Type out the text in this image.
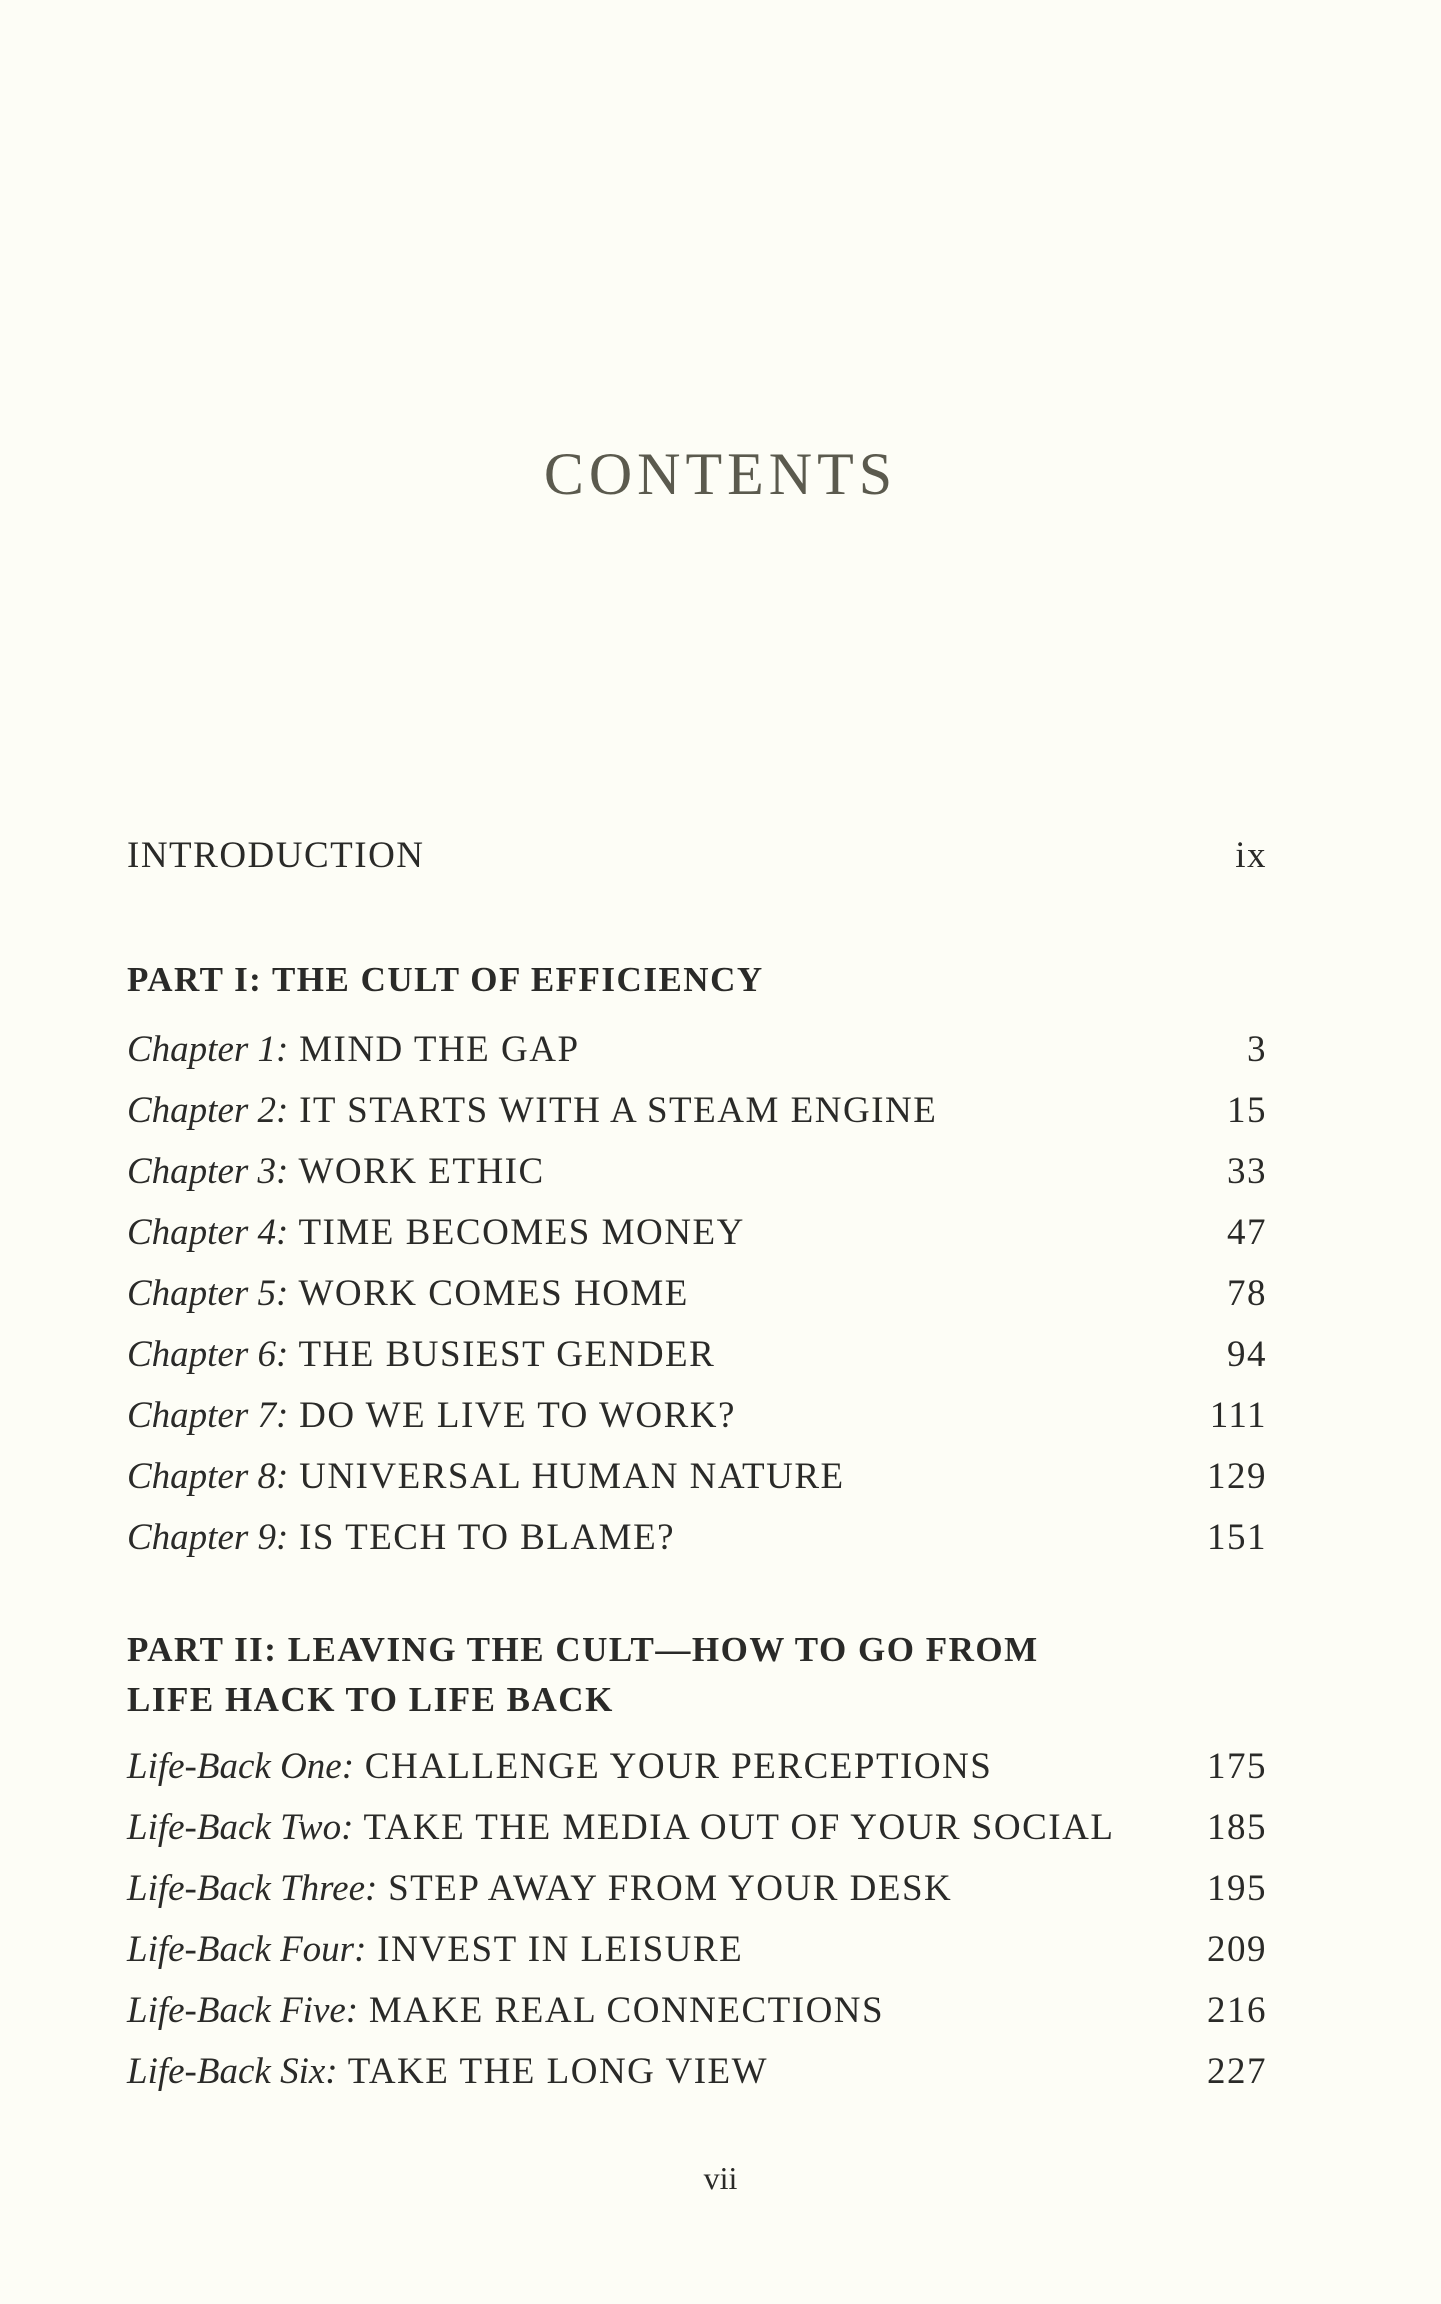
CONTENTS
INTRODUCTION	ix
PART I: THE CULT OF EFFICIENCY
Chapter 1: MIND THE GAP	3
Chapter 2: IT STARTS WITH A STEAM ENGINE	15
Chapter 3: WORK ETHIC	33
Chapter 4: TIME BECOMES MONEY	47
Chapter 5: WORK COMES HOME	78
Chapter 6: THE BUSIEST GENDER	94
Chapter 7: DO WE LIVE TO WORK?	111
Chapter 8: UNIVERSAL HUMAN NATURE	129
Chapter 9: IS TECH TO BLAME?	151
PART II: LEAVING THE CULT—HOW TO GO FROM
LIFE HACK TO LIFE BACK
Life-Back One: CHALLENGE YOUR PERCEPTIONS	175
Life-Back Two: TAKE THE MEDIA OUT OF YOUR SOCIAL	185
Life-Back Three: STEP AWAY FROM YOUR DESK	195
Life-Back Four: INVEST IN LEISURE	209
Life-Back Five: MAKE REAL CONNECTIONS	216
Life-Back Six: TAKE THE LONG VIEW	227
vii
